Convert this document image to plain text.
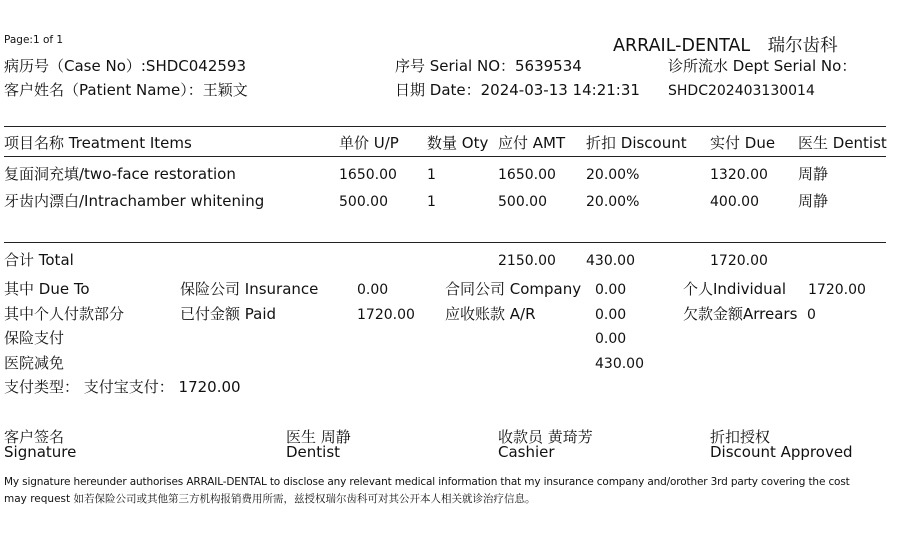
Page:1 of 1	ARRAIL-DENTAL　瑞尔齿科
病历号（Case No）:SHDC042593
客户姓名（Patient Name）：王颖文
序号 Serial NO：5639534
日期 Date：2024-03-13 14:21:31
诊所流水 Dept Serial No：
SHDC202403130014
项目名称 Treatment Items	单价 U/P 数量 Oty 应付 AMT 折扣 Discount 实付 Due 医生 Dentist
复面洞充填/two-face restoration	1650.00 1	1650.00 20.00%	1320.00 周静
牙齿内漂白/Intrachamber whitening	500.00	1	500.00	20.00%	400.00	周静
合计 Total	2150.00 430.00	1720.00
其中 Due To	保险公司 Insurance	0.00	合同公司 Company 0.00	个人Individual 1720.00
其中个人付款部分	已付金额 Paid	1720.00 应收账款 A/R	0.00	欠款金额Arrears 0
保险支付	0.00
医院减免	430.00
支付类型： 支付宝支付： 1720.00
客户签名
Signature
医生 周静
Dentist
收款员 黄琦芳
Cashier
折扣授权
Discount Approved
My signature hereunder authorises ARRAIL-DENTAL to disclose any relevant medical information that my insurance company and/orother 3rd party covering the cost
may request 如若保险公司或其他第三方机构报销费用所需，兹授权瑞尔齿科可对其公开本人相关就诊治疗信息。
